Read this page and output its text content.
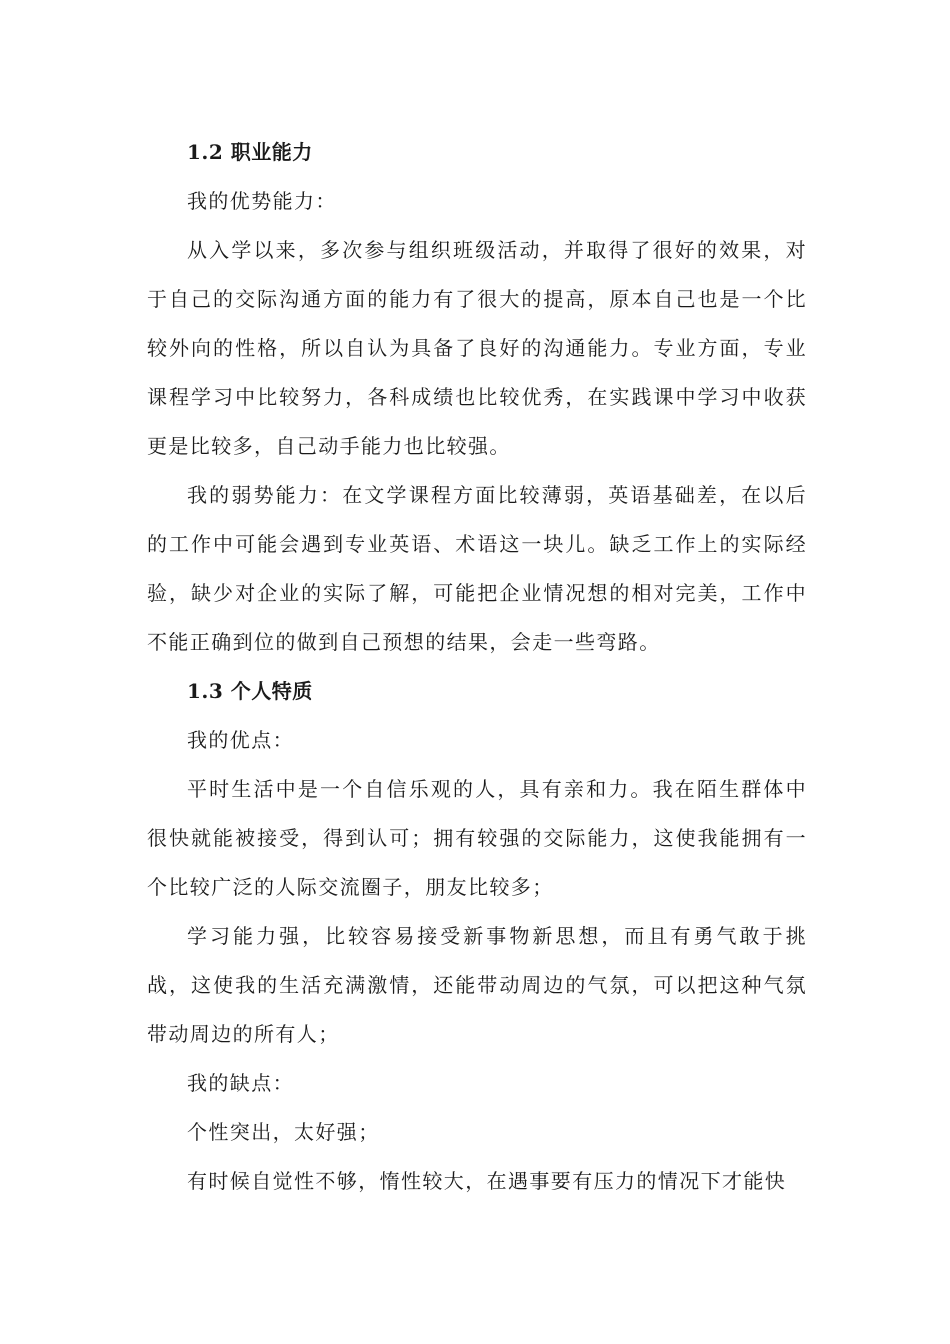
1.2 职业能力

我的优势能力：

从入学以来，多次参与组织班级活动，并取得了很好的效果，对于自己的交际沟通方面的能力有了很大的提高，原本自己也是一个比较外向的性格，所以自认为具备了良好的沟通能力。专业方面，专业课程学习中比较努力，各科成绩也比较优秀，在实践课中学习中收获更是比较多，自己动手能力也比较强。

我的弱势能力：在文学课程方面比较薄弱，英语基础差，在以后的工作中可能会遇到专业英语、术语这一块儿。缺乏工作上的实际经验，缺少对企业的实际了解，可能把企业情况想的相对完美，工作中不能正确到位的做到自己预想的结果，会走一些弯路。

1.3 个人特质

我的优点：

平时生活中是一个自信乐观的人，具有亲和力。我在陌生群体中很快就能被接受，得到认可；拥有较强的交际能力，这使我能拥有一个比较广泛的人际交流圈子，朋友比较多；

学习能力强，比较容易接受新事物新思想，而且有勇气敢于挑战，这使我的生活充满激情，还能带动周边的气氛，可以把这种气氛带动周边的所有人；

我的缺点：

个性突出，太好强；

有时候自觉性不够，惰性较大，在遇事要有压力的情况下才能快
